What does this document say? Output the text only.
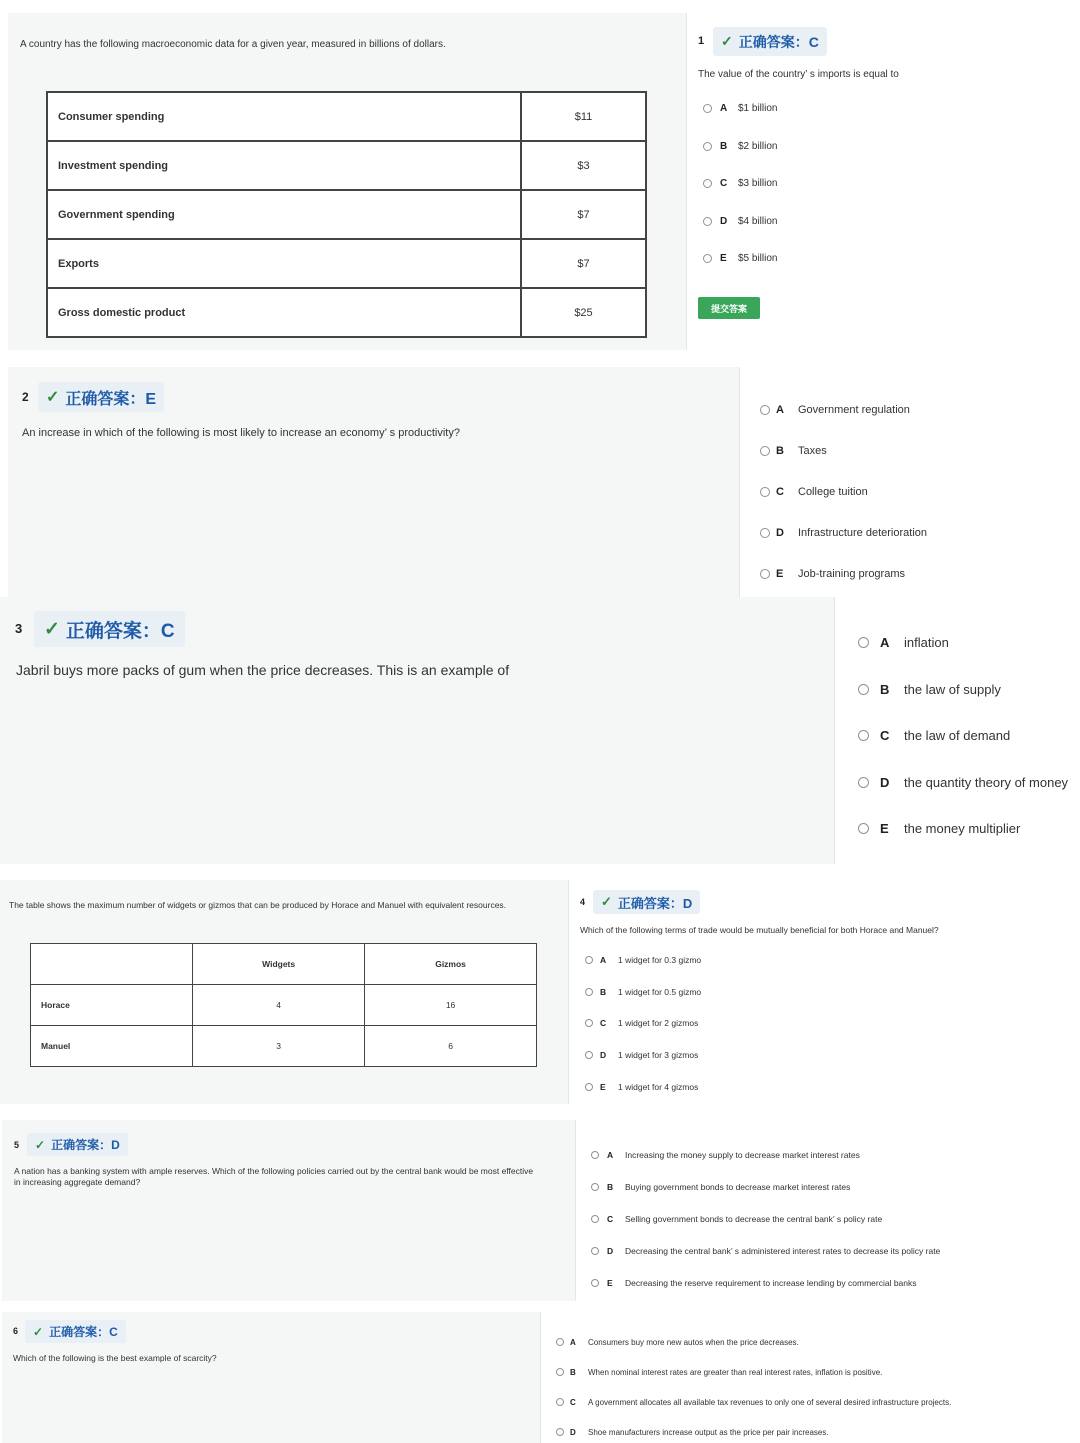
A country has the following macroeconomic data for a given year, measured in billions of dollars.
Consumer spending	$11
Investment spending	$3
Government spending	$7
Exports	$7
Gross domestic product	$25
1 ✓ 正确答案：C
The value of the country’ s imports is equal to
A	$1 billion
B	$2 billion
C	$3 billion
D	$4 billion
E	$5 billion
提交答案
2 ✓ 正确答案：E
An increase in which of the following is most likely to increase an economy’ s productivity?
A	Government regulation
B	Taxes
C	College tuition
D	Infrastructure deterioration
E	Job-training programs
3 ✓ 正确答案：C
Jabril buys more packs of gum when the price decreases. This is an example of
A	inflation
B	the law of supply
C	the law of demand
D	the quantity theory of money
E	the money multiplier
The table shows the maximum number of widgets or gizmos that can be produced by Horace and Manuel with equivalent resources.
	Widgets	Gizmos
Horace	4	16
Manuel	3	6
4 ✓ 正确答案：D
Which of the following terms of trade would be mutually beneficial for both Horace and Manuel?
A	1 widget for 0.3 gizmo
B	1 widget for 0.5 gizmo
C	1 widget for 2 gizmos
D	1 widget for 3 gizmos
E	1 widget for 4 gizmos
5 ✓ 正确答案：D
A nation has a banking system with ample reserves. Which of the following policies carried out by the central bank would be most effective in increasing aggregate demand?
A	Increasing the money supply to decrease market interest rates
B	Buying government bonds to decrease market interest rates
C	Selling government bonds to decrease the central bank’ s policy rate
D	Decreasing the central bank’ s administered interest rates to decrease its policy rate
E	Decreasing the reserve requirement to increase lending by commercial banks
6 ✓ 正确答案：C
Which of the following is the best example of scarcity?
A	Consumers buy more new autos when the price decreases.
B	When nominal interest rates are greater than real interest rates, inflation is positive.
C	A government allocates all available tax revenues to only one of several desired infrastructure projects.
D	Shoe manufacturers increase output as the price per pair increases.
